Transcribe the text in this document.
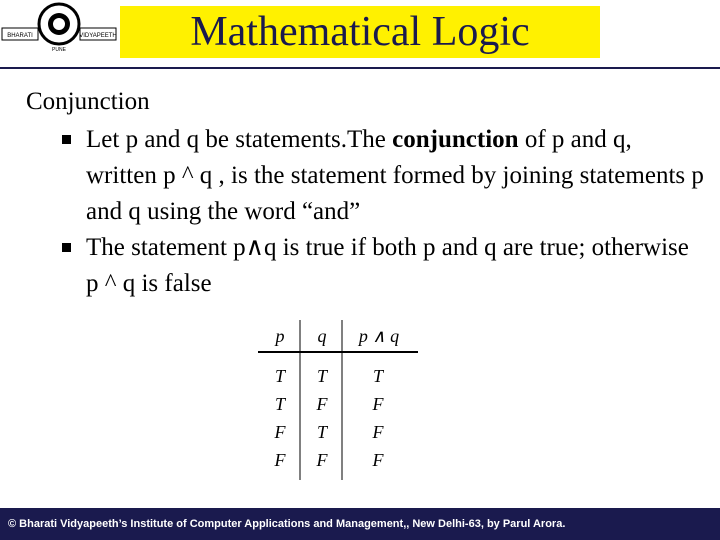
BHARATI	VIDYAPEETH
PUNE	Mathematical Logic
Conjunction
Let p and q be statements.The conjunction of p and q, written p ^ q , is the statement formed by joining statements p and q using the word “and”
The statement p∧q is true if both p and q are true; otherwise p ^ q is false
p	q	p ∧ q
T	T	T
T	F	F
F	T	F
F	F	F
© Bharati Vidyapeeth’s Institute of Computer Applications and Management,, New Delhi-63, by Parul Arora.
